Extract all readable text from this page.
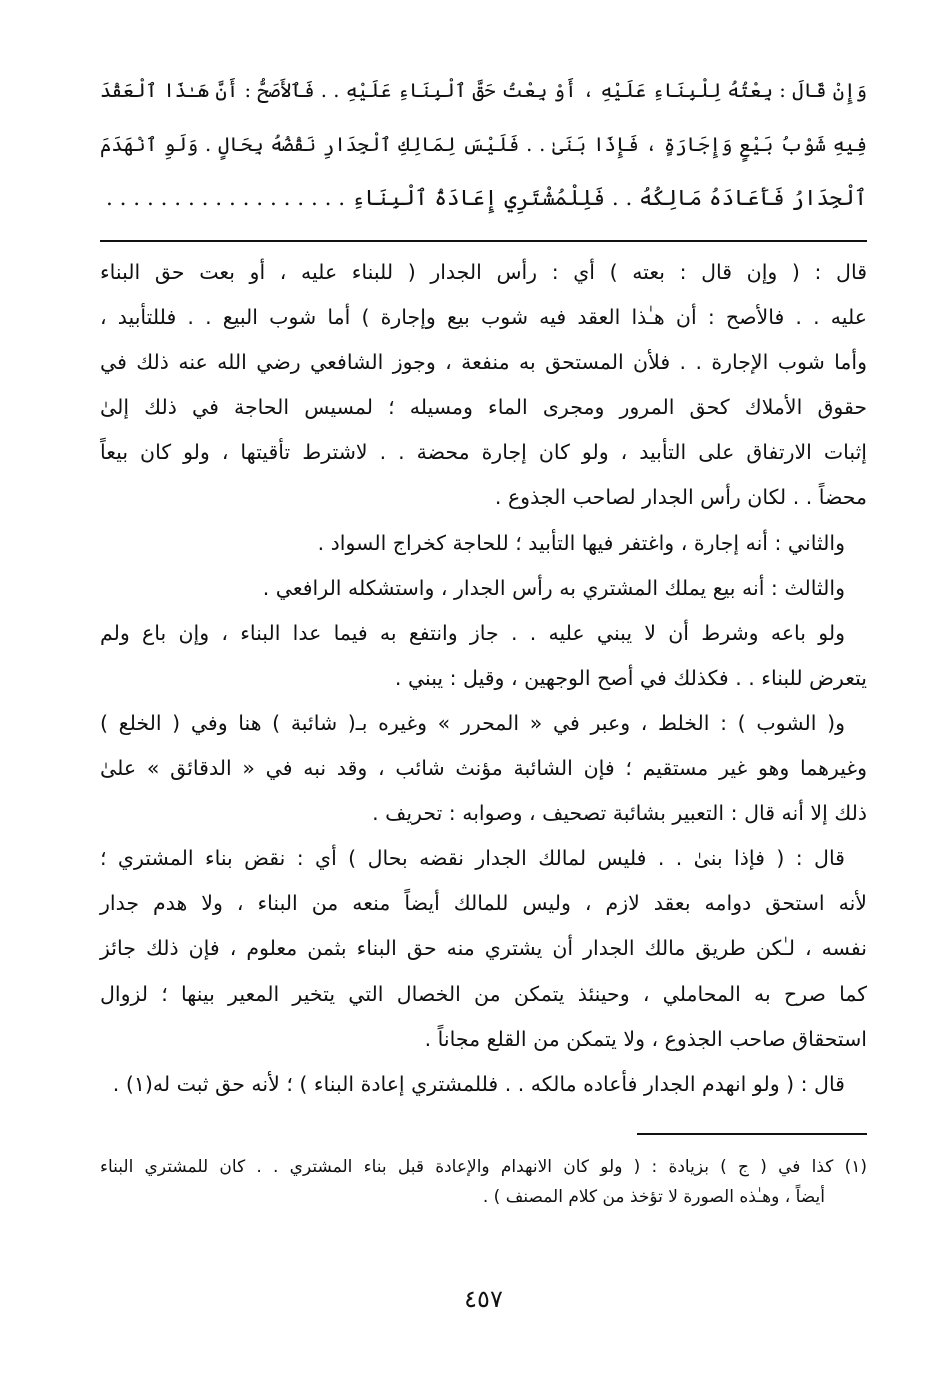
وَإِنْ قَالَ : بِعْتُهُ لِلْبِنَاءِ عَلَيْهِ ، أَوْ بِعْتُ حَقَّ ٱلْبِنَاءِ عَلَيْهِ . . فَٱلأَصَحُّ : أَنَّ هَـٰذَا ٱلْعَقْدَ
فِيهِ شَوْبُ بَيْعٍ وَإِجَارَةٍ ، فَإِذَا بَنَىٰ . . فَلَيْسَ لِمَالِكِ ٱلْجِدَارِ نَقْضُهُ بِحَالٍ . وَلَوِ ٱنْهَدَمَ
ٱلْجِدَارُ فَأَعَادَهُ مَالِكُهُ . . فَلِلْمُشْتَرِي إِعَادَةُ ٱلْبِنَاءِ . . . . . . . . . . . . . . . . . .
قال : ( وإن قال : بعته ) أي : رأس الجدار ( للبناء عليه ، أو بعت حق البناء
عليه . . فالأصح : أن هـٰذا العقد فيه شوب بيع وإجارة ) أما شوب البيع . . فللتأبيد ،
وأما شوب الإجارة . . فلأن المستحق به منفعة ، وجوز الشافعي رضي الله عنه ذلك في
حقوق الأملاك كحق المرور ومجرى الماء ومسيله ؛ لمسيس الحاجة في ذلك إلىٰ
إثبات الارتفاق على التأبيد ، ولو كان إجارة محضة . . لاشترط تأقيتها ، ولو كان بيعاً
محضاً . . لكان رأس الجدار لصاحب الجذوع .
والثاني : أنه إجارة ، واغتفر فيها التأبيد ؛ للحاجة كخراج السواد .
والثالث : أنه بيع يملك المشتري به رأس الجدار ، واستشكله الرافعي .
ولو باعه وشرط أن لا يبني عليه . . جاز وانتفع به فيما عدا البناء ، وإن باع ولم
يتعرض للبناء . . فكذلك في أصح الوجهين ، وقيل : يبني .
و( الشوب ) : الخلط ، وعبر في « المحرر » وغيره بـ( شائبة ) هنا وفي ( الخلع )
وغيرهما وهو غير مستقيم ؛ فإن الشائبة مؤنث شائب ، وقد نبه في « الدقائق » علىٰ
ذلك إلا أنه قال : التعبير بشائبة تصحيف ، وصوابه : تحريف .
قال : ( فإذا بنىٰ . . فليس لمالك الجدار نقضه بحال ) أي : نقض بناء المشتري ؛
لأنه استحق دوامه بعقد لازم ، وليس للمالك أيضاً منعه من البناء ، ولا هدم جدار
نفسه ، لـٰكن طريق مالك الجدار أن يشتري منه حق البناء بثمن معلوم ، فإن ذلك جائز
كما صرح به المحاملي ، وحينئذ يتمكن من الخصال التي يتخير المعير بينها ؛ لزوال
استحقاق صاحب الجذوع ، ولا يتمكن من القلع مجاناً .
قال : ( ولو انهدم الجدار فأعاده مالكه . . فللمشتري إعادة البناء ) ؛ لأنه حق ثبت له(١) .
(١) كذا في ( ج ) بزيادة : ( ولو كان الانهدام والإعادة قبل بناء المشتري . . كان للمشتري البناء
أيضاً ، وهـٰذه الصورة لا تؤخذ من كلام المصنف ) .
٤٥٧
